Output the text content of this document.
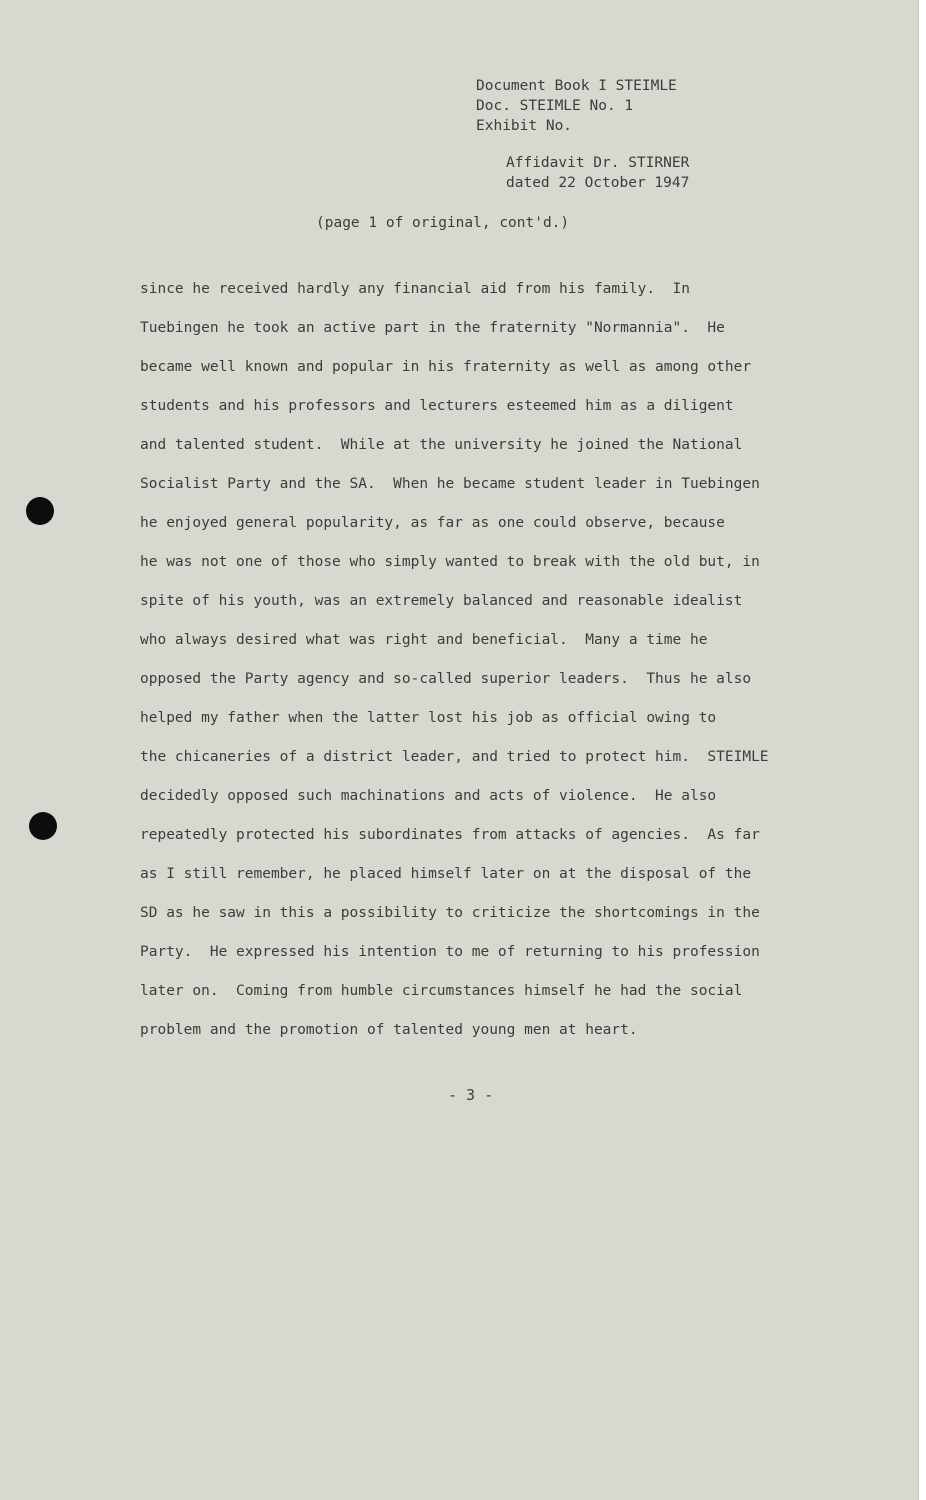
Document Book I STEIMLE
Doc. STEIMLE No. 1
Exhibit No.
Affidavit Dr. STIRNER
dated 22 October 1947
(page 1 of original, cont'd.)
since he received hardly any financial aid from his family.  In
Tuebingen he took an active part in the fraternity "Normannia".  He
became well known and popular in his fraternity as well as among other
students and his professors and lecturers esteemed him as a diligent
and talented student.  While at the university he joined the National
Socialist Party and the SA.  When he became student leader in Tuebingen
he enjoyed general popularity, as far as one could observe, because
he was not one of those who simply wanted to break with the old but, in
spite of his youth, was an extremely balanced and reasonable idealist
who always desired what was right and beneficial.  Many a time he
opposed the Party agency and so-called superior leaders.  Thus he also
helped my father when the latter lost his job as official owing to
the chicaneries of a district leader, and tried to protect him.  STEIMLE
decidedly opposed such machinations and acts of violence.  He also
repeatedly protected his subordinates from attacks of agencies.  As far
as I still remember, he placed himself later on at the disposal of the
SD as he saw in this a possibility to criticize the shortcomings in the
Party.  He expressed his intention to me of returning to his profession
later on.  Coming from humble circumstances himself he had the social
problem and the promotion of talented young men at heart.
- 3 -
